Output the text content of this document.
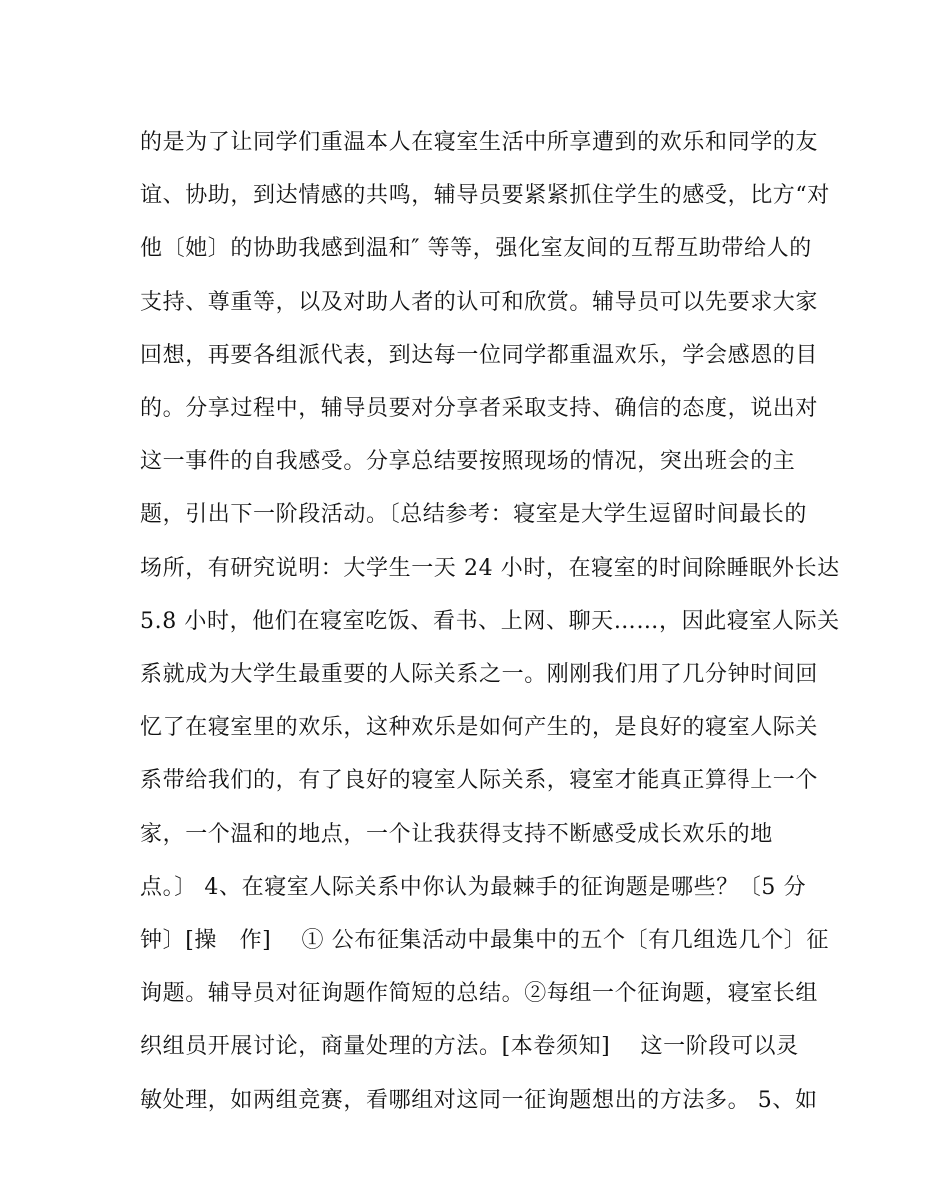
的是为了让同学们重温本人在寝室生活中所享遭到的欢乐和同学的友
谊、协助，到达情感的共鸣，辅导员要紧紧抓住学生的感受，比方“对
他〔她〕的协助我感到温和″ 等等，强化室友间的互帮互助带给人的
支持、尊重等，以及对助人者的认可和欣赏。辅导员可以先要求大家
回想，再要各组派代表，到达每一位同学都重温欢乐，学会感恩的目
的。分享过程中，辅导员要对分享者采取支持、确信的态度，说出对
这一事件的自我感受。分享总结要按照现场的情况，突出班会的主
题，引出下一阶段活动。〔总结参考：寝室是大学生逗留时间最长的
场所，有研究说明：大学生一天 24 小时，在寝室的时间除睡眠外长达
5.8 小时，他们在寝室吃饭、看书、上网、聊天……，因此寝室人际关
系就成为大学生最重要的人际关系之一。刚刚我们用了几分钟时间回
忆了在寝室里的欢乐，这种欢乐是如何产生的，是良好的寝室人际关
系带给我们的，有了良好的寝室人际关系，寝室才能真正算得上一个
家，一个温和的地点，一个让我获得支持不断感受成长欢乐的地
点。〕 4、在寝室人际关系中你认为最棘手的征询题是哪些？〔5 分
钟〕[操　作]　 ① 公布征集活动中最集中的五个〔有几组选几个〕征
询题。辅导员对征询题作简短的总结。②每组一个征询题，寝室长组
织组员开展讨论，商量处理的方法。[本卷须知]　 这一阶段可以灵
敏处理，如两组竞赛，看哪组对这同一征询题想出的方法多。 5、如
